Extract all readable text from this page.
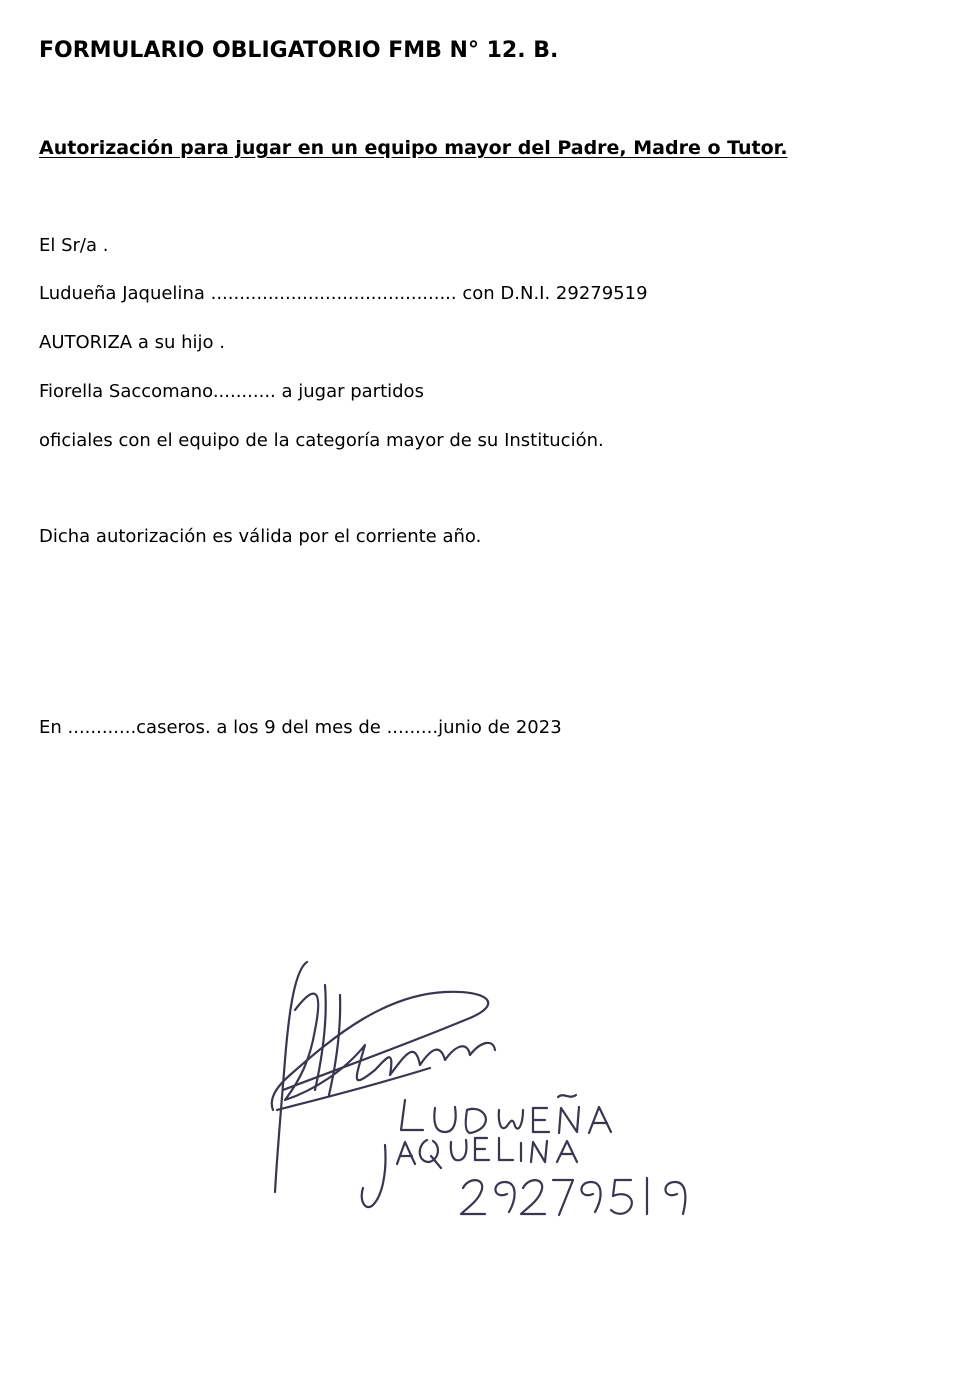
FORMULARIO OBLIGATORIO FMB N° 12. B.
Autorización para jugar en un equipo mayor del Padre, Madre o Tutor.
El Sr/a .
Ludueña Jaquelina ........................................... con D.N.I. 29279519
AUTORIZA a su hijo .
Fiorella Saccomano........... a jugar partidos
oficiales con el equipo de la categoría mayor de su Institución.
Dicha autorización es válida por el corriente año.
En ............caseros. a los 9 del mes de .........junio de 2023
